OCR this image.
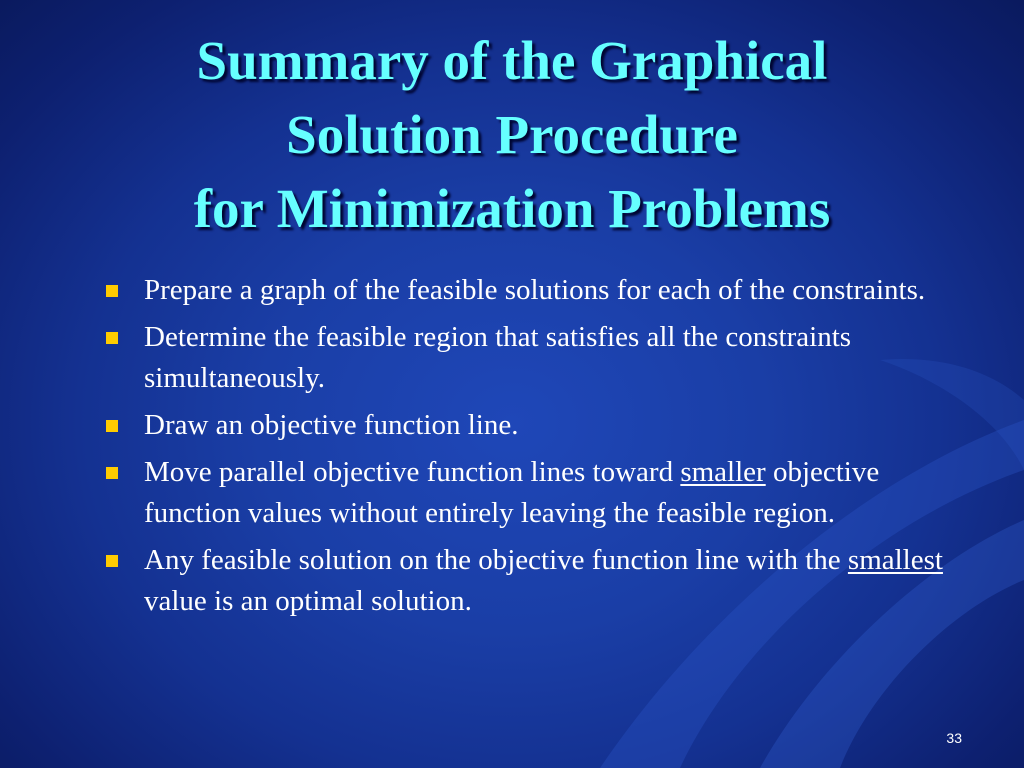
Summary of the Graphical
Solution Procedure
for Minimization Problems
Prepare a graph of the feasible solutions for each of the constraints.
Determine the feasible region that satisfies all the constraints simultaneously.
Draw an objective function line.
Move parallel objective function lines toward smaller objective function values without entirely leaving the feasible region.
Any feasible solution on the objective function line with the smallest value is an optimal solution.
33
